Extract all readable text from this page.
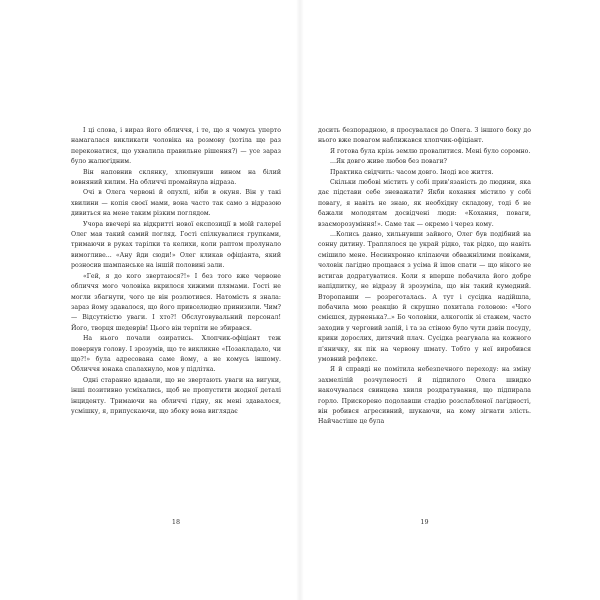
І ці слова, і вираз його обличчя, і те, що я чомусь уперто намагалася викликати чоловіка на розмову (хотіла ще раз переконатися, що ухвалила правильне рішення?) — усе зараз було жалюгідним.

Він наповнив склянку, хлюпнувши вином на білий вовняний килим. На обличчі промайнула відраза.

Очі в Олега червоні й опухлі, ніби в окуня. Він у такі хвилини — копія своєї мами, вона часто так само з відразою дивиться на мене таким різким поглядом.

Учора ввечері на відкритті нової експозиції в моїй галереї Олег мав такий самий погляд. Гості спілкувалися групками, тримаючи в руках тарілки та келихи, коли раптом пролунало вимогливе... «Ану йди сюди!» Олег кликав офіціанта, який розносив шампанське на іншій половині зали.

«Гей, я до кого звертаюся?!» І без того вже червоне обличчя мого чоловіка вкрилося хижими плямами. Гості не могли збагнути, чого це він розлютився. Натомість я знала: зараз йому здавалося, що його привселюдно принизили. Чим? — Відсутністю уваги. І хто?! Обслуговувальний персонал! Його, творця шедеврів! Цього він терпіти не збирався.

На нього почали озиратись. Хлопчик-офіціант теж повернув голову. І зрозумів, що те викликне «Позакладало, чи що?!» була адресована саме йому, а не комусь іншому. Обличчя юнака спалахнуло, мов у підлітка.

Одні старанно вдавали, що не звертають уваги на вигуки, інші позитивно усміхались, щоб не пропустити жодної деталі інциденту. Тримаючи на обличчі гідну, як мені здавалося, усмішку, я, припускаючи, що збоку вона виглядає

18

досить безпорадною, я просувалася до Олега. З іншого боку до нього вже повагом наближався хлопчик-офіціант.

Я готова була крізь землю провалитися. Мені було соромно.

...Як довго живе любов без поваги?

Практика свідчить: часом довго. Іноді все життя.

Скільки любові містить у собі прив'язаність до людини, яка дає підстави себе зневажати? Якби кохання містило у собі повагу, я навіть не знаю, як необхідну складову, тоді б не бажали молодятам досвідчені люди: «Кохання, поваги, взаєморозуміння!». Саме так — окремо і через кому.

...Колись давно, хильнувши зайвого, Олег був подібний на сонну дитину. Траплялося це украй рідко, так рідко, що навіть смішило мене. Несинхронно кліпаючи обважнілими повіками, чоловік лагідно прощався з усіма й ішов спати — що нікого не встигав додратуватися. Коли я вперше побачила його добре напідпитку, не відразу й зрозуміла, що він такий кумедний. Второпавши — розреготалась. А тут і сусідка надійшла, побачила мою реакцію й скрушно похитала головою: «Чого смієшся, дурненька?..» Бо чоловіки, алкоголік зі стажем, часто заходив у черговий запій, і та за стіною було чути дзвін посуду, крики дорослих, дитячий плач. Сусідка реагувала на кожного п'яничку, як пік на червону шмату. Тобто у неї виробився умовний рефлекс.

Я й справді не помітила небезпечного переходу: на зміну захмелілій розчуленості й підпилого Олега швидко накочувалася свинцева хвиля роздратування, що підпирала горло. Прискорено подолавши стадію розслабленої лагідності, він робився агресивний, шукаючи, на кому зігнати злість. Найчастіше це була

19
